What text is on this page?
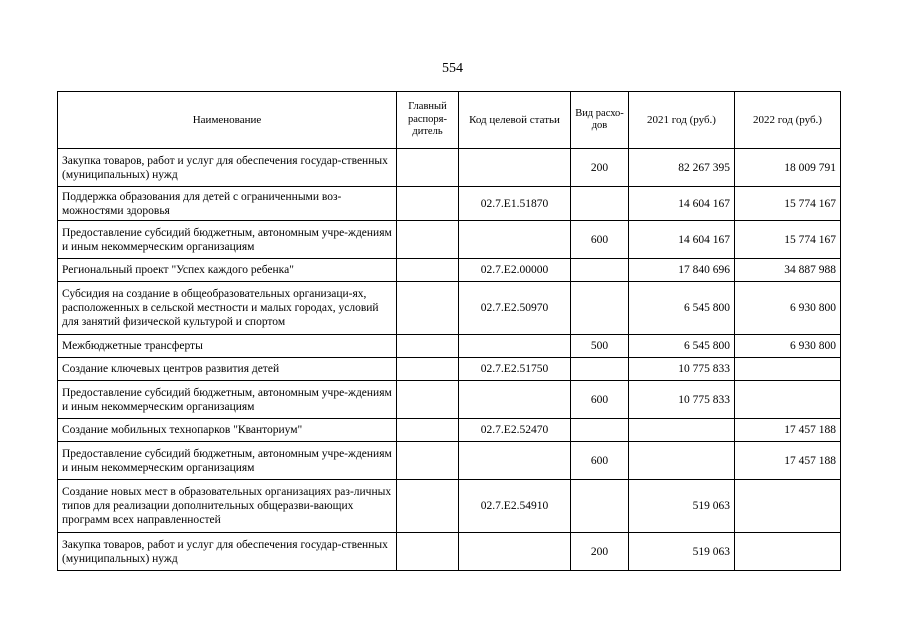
554
Наименование	Главный распоря-дитель	Код целевой статьи	Вид расхо-дов	2021 год (руб.)	2022 год (руб.)
Закупка товаров, работ и услуг для обеспечения государ-ственных (муниципальных) нужд			200	82 267 395	18 009 791
Поддержка образования для детей с ограниченными воз-можностями здоровья		02.7.E1.51870		14 604 167	15 774 167
Предоставление субсидий бюджетным, автономным учре-ждениям и иным некоммерческим организациям			600	14 604 167	15 774 167
Региональный проект "Успех каждого ребенка"		02.7.E2.00000		17 840 696	34 887 988
Субсидия на создание в общеобразовательных организаци-ях, расположенных в сельской местности и малых городах, условий для занятий физической культурой и спортом		02.7.E2.50970		6 545 800	6 930 800
Межбюджетные трансферты			500	6 545 800	6 930 800
Создание ключевых центров развития детей		02.7.E2.51750		10 775 833	
Предоставление субсидий бюджетным, автономным учре-ждениям и иным некоммерческим организациям			600	10 775 833	
Создание мобильных технопарков "Кванториум"		02.7.E2.52470			17 457 188
Предоставление субсидий бюджетным, автономным учре-ждениям и иным некоммерческим организациям			600		17 457 188
Создание новых мест в образовательных организациях раз-личных типов для реализации дополнительных общеразви-вающих программ всех направленностей		02.7.E2.54910		519 063	
Закупка товаров, работ и услуг для обеспечения государ-ственных (муниципальных) нужд			200	519 063	
